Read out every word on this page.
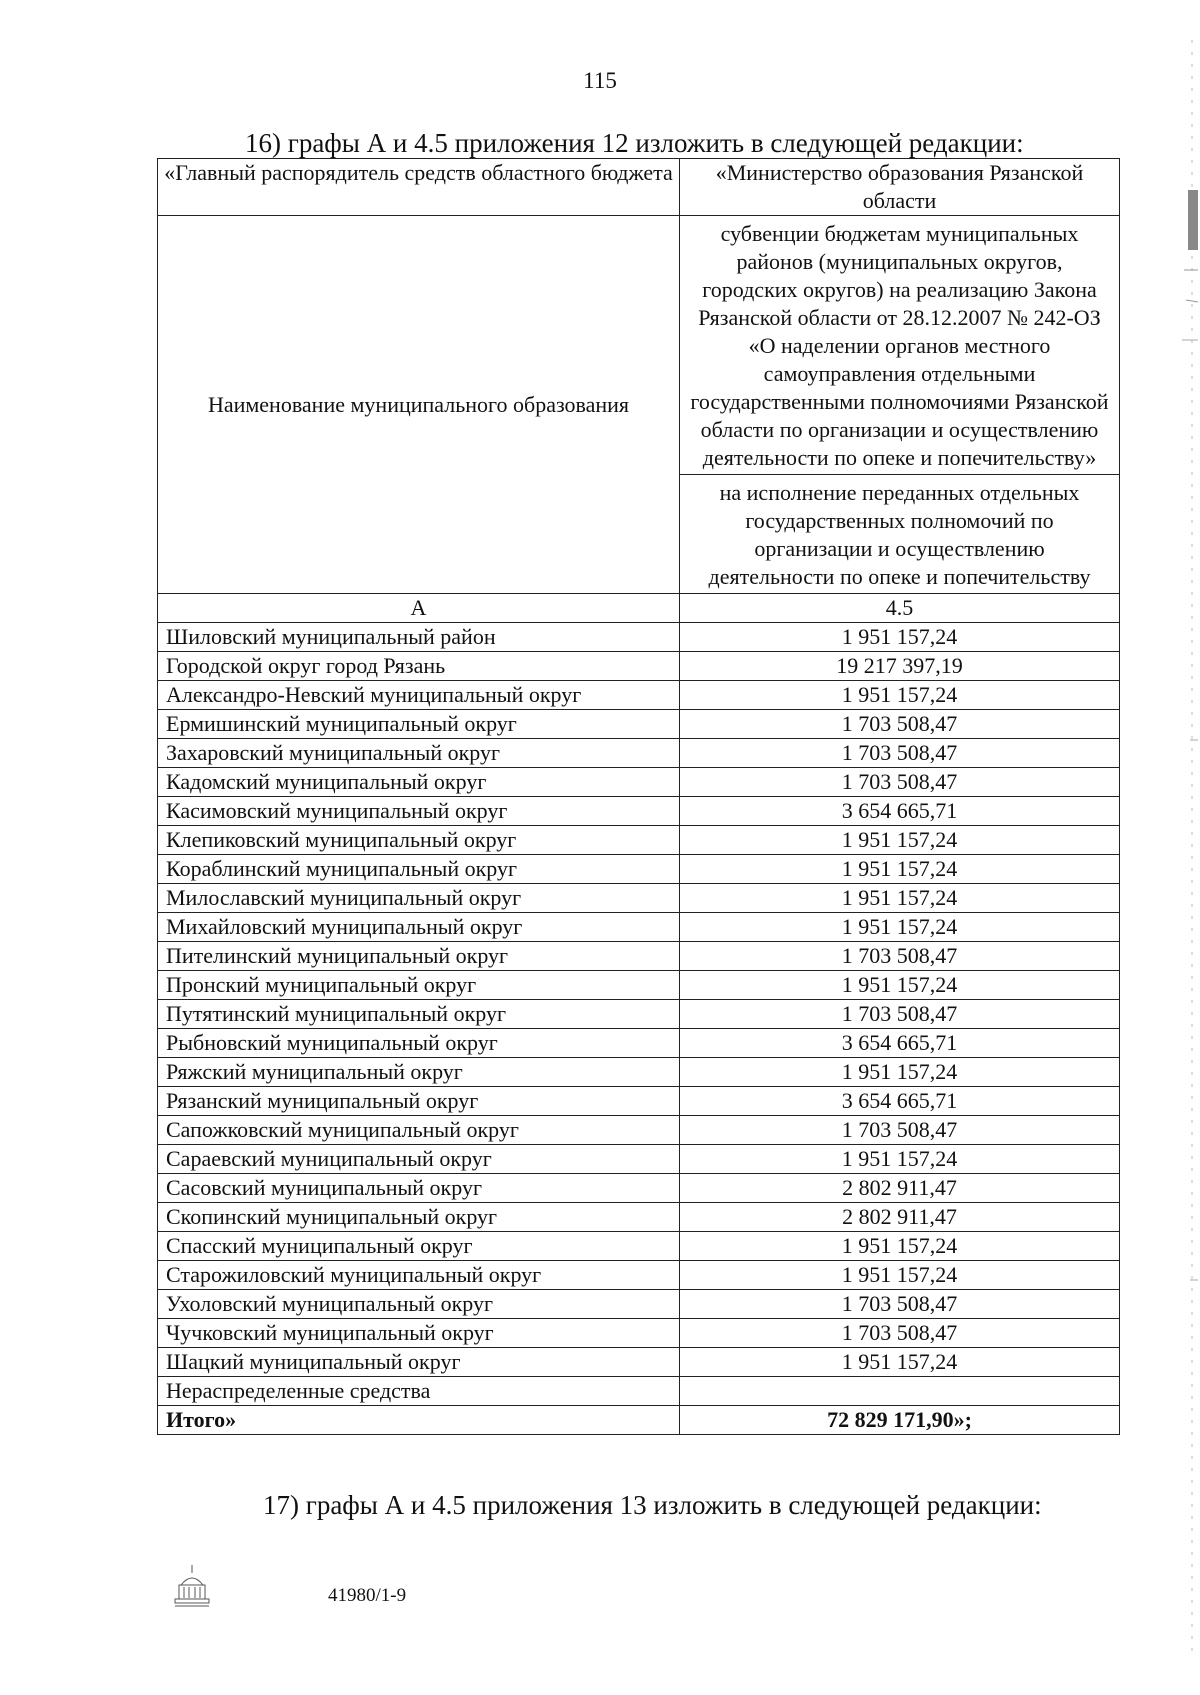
115
16) графы А и 4.5 приложения 12 изложить в следующей редакции:
«Главный распорядитель средств областного бюджета	«Министерство образования Рязанской области
Наименование муниципального образования	субвенции бюджетам муниципальных районов (муниципальных округов, городских округов) на реализацию Закона Рязанской области от 28.12.2007 № 242-ОЗ «О наделении органов местного самоуправления отдельными государственными полномочиями Рязанской области по организации и осуществлению деятельности по опеке и попечительству»
	на исполнение переданных отдельных государственных полномочий по организации и осуществлению деятельности по опеке и попечительству
А	4.5
Шиловский муниципальный район	1 951 157,24
Городской округ город Рязань	19 217 397,19
Александро-Невский муниципальный округ	1 951 157,24
Ермишинский муниципальный округ	1 703 508,47
Захаровский муниципальный округ	1 703 508,47
Кадомский муниципальный округ	1 703 508,47
Касимовский муниципальный округ	3 654 665,71
Клепиковский муниципальный округ	1 951 157,24
Кораблинский муниципальный округ	1 951 157,24
Милославский муниципальный округ	1 951 157,24
Михайловский муниципальный округ	1 951 157,24
Пителинский муниципальный округ	1 703 508,47
Пронский муниципальный округ	1 951 157,24
Путятинский муниципальный округ	1 703 508,47
Рыбновский муниципальный округ	3 654 665,71
Ряжский муниципальный округ	1 951 157,24
Рязанский муниципальный округ	3 654 665,71
Сапожковский муниципальный округ	1 703 508,47
Сараевский муниципальный округ	1 951 157,24
Сасовский муниципальный округ	2 802 911,47
Скопинский муниципальный округ	2 802 911,47
Спасский муниципальный округ	1 951 157,24
Старожиловский муниципальный округ	1 951 157,24
Ухоловский муниципальный округ	1 703 508,47
Чучковский муниципальный округ	1 703 508,47
Шацкий муниципальный округ	1 951 157,24
Нераспределенные средства	
Итого»	72 829 171,90»;
17) графы А и 4.5 приложения 13 изложить в следующей редакции:
41980/1-9
